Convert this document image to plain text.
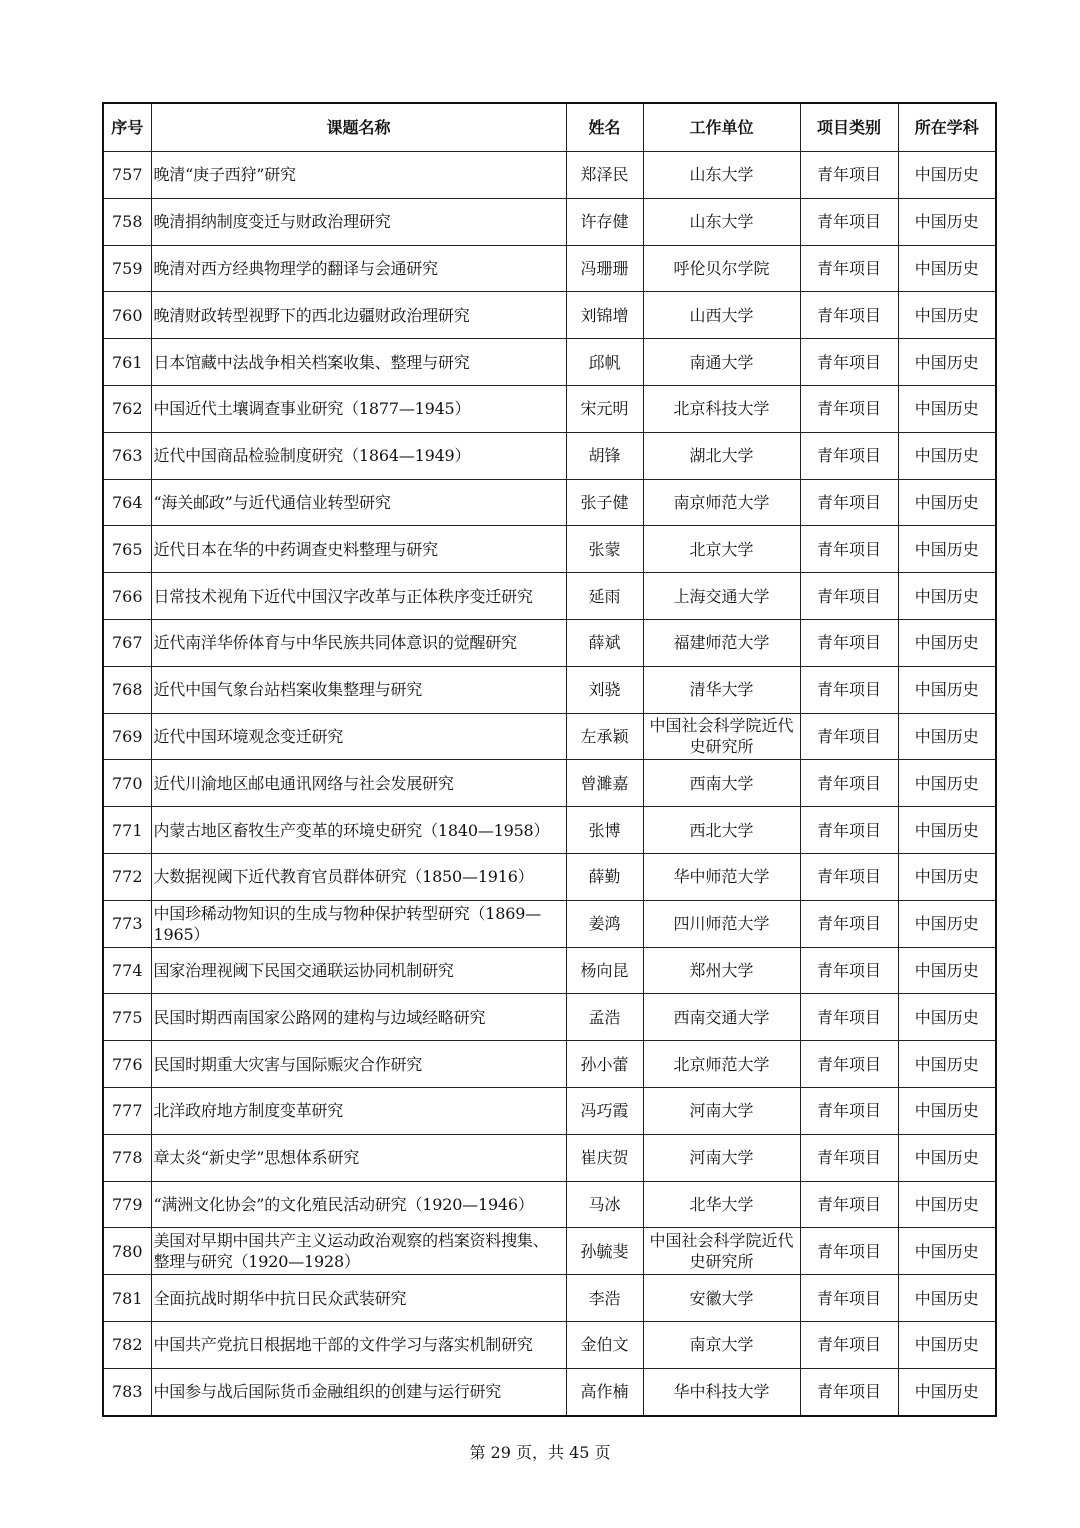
序号	课题名称	姓名	工作单位	项目类别	所在学科
757	晚清“庚子西狩”研究	郑泽民	山东大学	青年项目	中国历史
758	晚清捐纳制度变迁与财政治理研究	许存健	山东大学	青年项目	中国历史
759	晚清对西方经典物理学的翻译与会通研究	冯珊珊	呼伦贝尔学院	青年项目	中国历史
760	晚清财政转型视野下的西北边疆财政治理研究	刘锦增	山西大学	青年项目	中国历史
761	日本馆藏中法战争相关档案收集、整理与研究	邱帆	南通大学	青年项目	中国历史
762	中国近代土壤调查事业研究（1877—1945）	宋元明	北京科技大学	青年项目	中国历史
763	近代中国商品检验制度研究（1864—1949）	胡锋	湖北大学	青年项目	中国历史
764	“海关邮政”与近代通信业转型研究	张子健	南京师范大学	青年项目	中国历史
765	近代日本在华的中药调查史料整理与研究	张蒙	北京大学	青年项目	中国历史
766	日常技术视角下近代中国汉字改革与正体秩序变迁研究	延雨	上海交通大学	青年项目	中国历史
767	近代南洋华侨体育与中华民族共同体意识的觉醒研究	薛斌	福建师范大学	青年项目	中国历史
768	近代中国气象台站档案收集整理与研究	刘骁	清华大学	青年项目	中国历史
769	近代中国环境观念变迁研究	左承颖	中国社会科学院近代史研究所	青年项目	中国历史
770	近代川渝地区邮电通讯网络与社会发展研究	曾濉嘉	西南大学	青年项目	中国历史
771	内蒙古地区畜牧生产变革的环境史研究（1840—1958）	张博	西北大学	青年项目	中国历史
772	大数据视阈下近代教育官员群体研究（1850—1916）	薛勤	华中师范大学	青年项目	中国历史
773	中国珍稀动物知识的生成与物种保护转型研究（1869—1965）	姜鸿	四川师范大学	青年项目	中国历史
774	国家治理视阈下民国交通联运协同机制研究	杨向昆	郑州大学	青年项目	中国历史
775	民国时期西南国家公路网的建构与边域经略研究	孟浩	西南交通大学	青年项目	中国历史
776	民国时期重大灾害与国际赈灾合作研究	孙小蕾	北京师范大学	青年项目	中国历史
777	北洋政府地方制度变革研究	冯巧霞	河南大学	青年项目	中国历史
778	章太炎“新史学”思想体系研究	崔庆贺	河南大学	青年项目	中国历史
779	“满洲文化协会”的文化殖民活动研究（1920—1946）	马冰	北华大学	青年项目	中国历史
780	美国对早期中国共产主义运动政治观察的档案资料搜集、整理与研究（1920—1928）	孙毓斐	中国社会科学院近代史研究所	青年项目	中国历史
781	全面抗战时期华中抗日民众武装研究	李浩	安徽大学	青年项目	中国历史
782	中国共产党抗日根据地干部的文件学习与落实机制研究	金伯文	南京大学	青年项目	中国历史
783	中国参与战后国际货币金融组织的创建与运行研究	高作楠	华中科技大学	青年项目	中国历史
第 29 页，共 45 页
